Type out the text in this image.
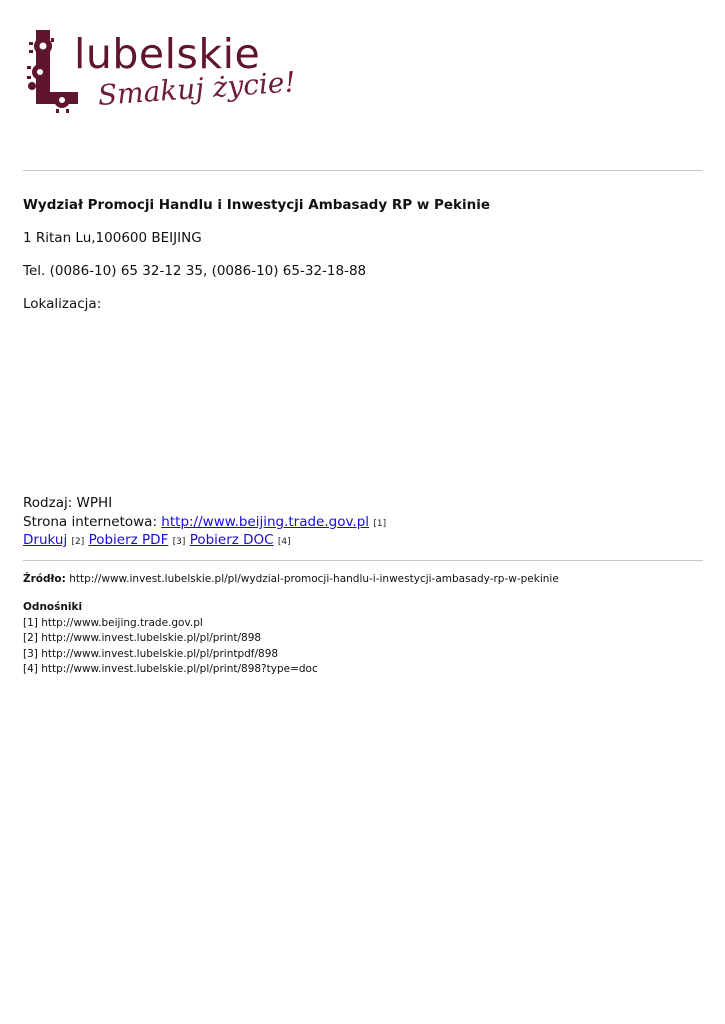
lubelskie
Smakuj życie!
Wydział Promocji Handlu i Inwestycji Ambasady RP w Pekinie

1 Ritan Lu,100600 BEIJING

Tel. (0086-10) 65 32-12 35, (0086-10) 65-32-18-88

Lokalizacja:

Rodzaj: WPHI

Strona internetowa: http://www.beijing.trade.gov.pl [1]

Drukuj [2] Pobierz PDF [3] Pobierz DOC [4]

Źródło: http://www.invest.lubelskie.pl/pl/wydzial-promocji-handlu-i-inwestycji-ambasady-rp-w-pekinie
Odnośniki
[1] http://www.beijing.trade.gov.pl
[2] http://www.invest.lubelskie.pl/pl/print/898
[3] http://www.invest.lubelskie.pl/pl/printpdf/898
[4] http://www.invest.lubelskie.pl/pl/print/898?type=doc
